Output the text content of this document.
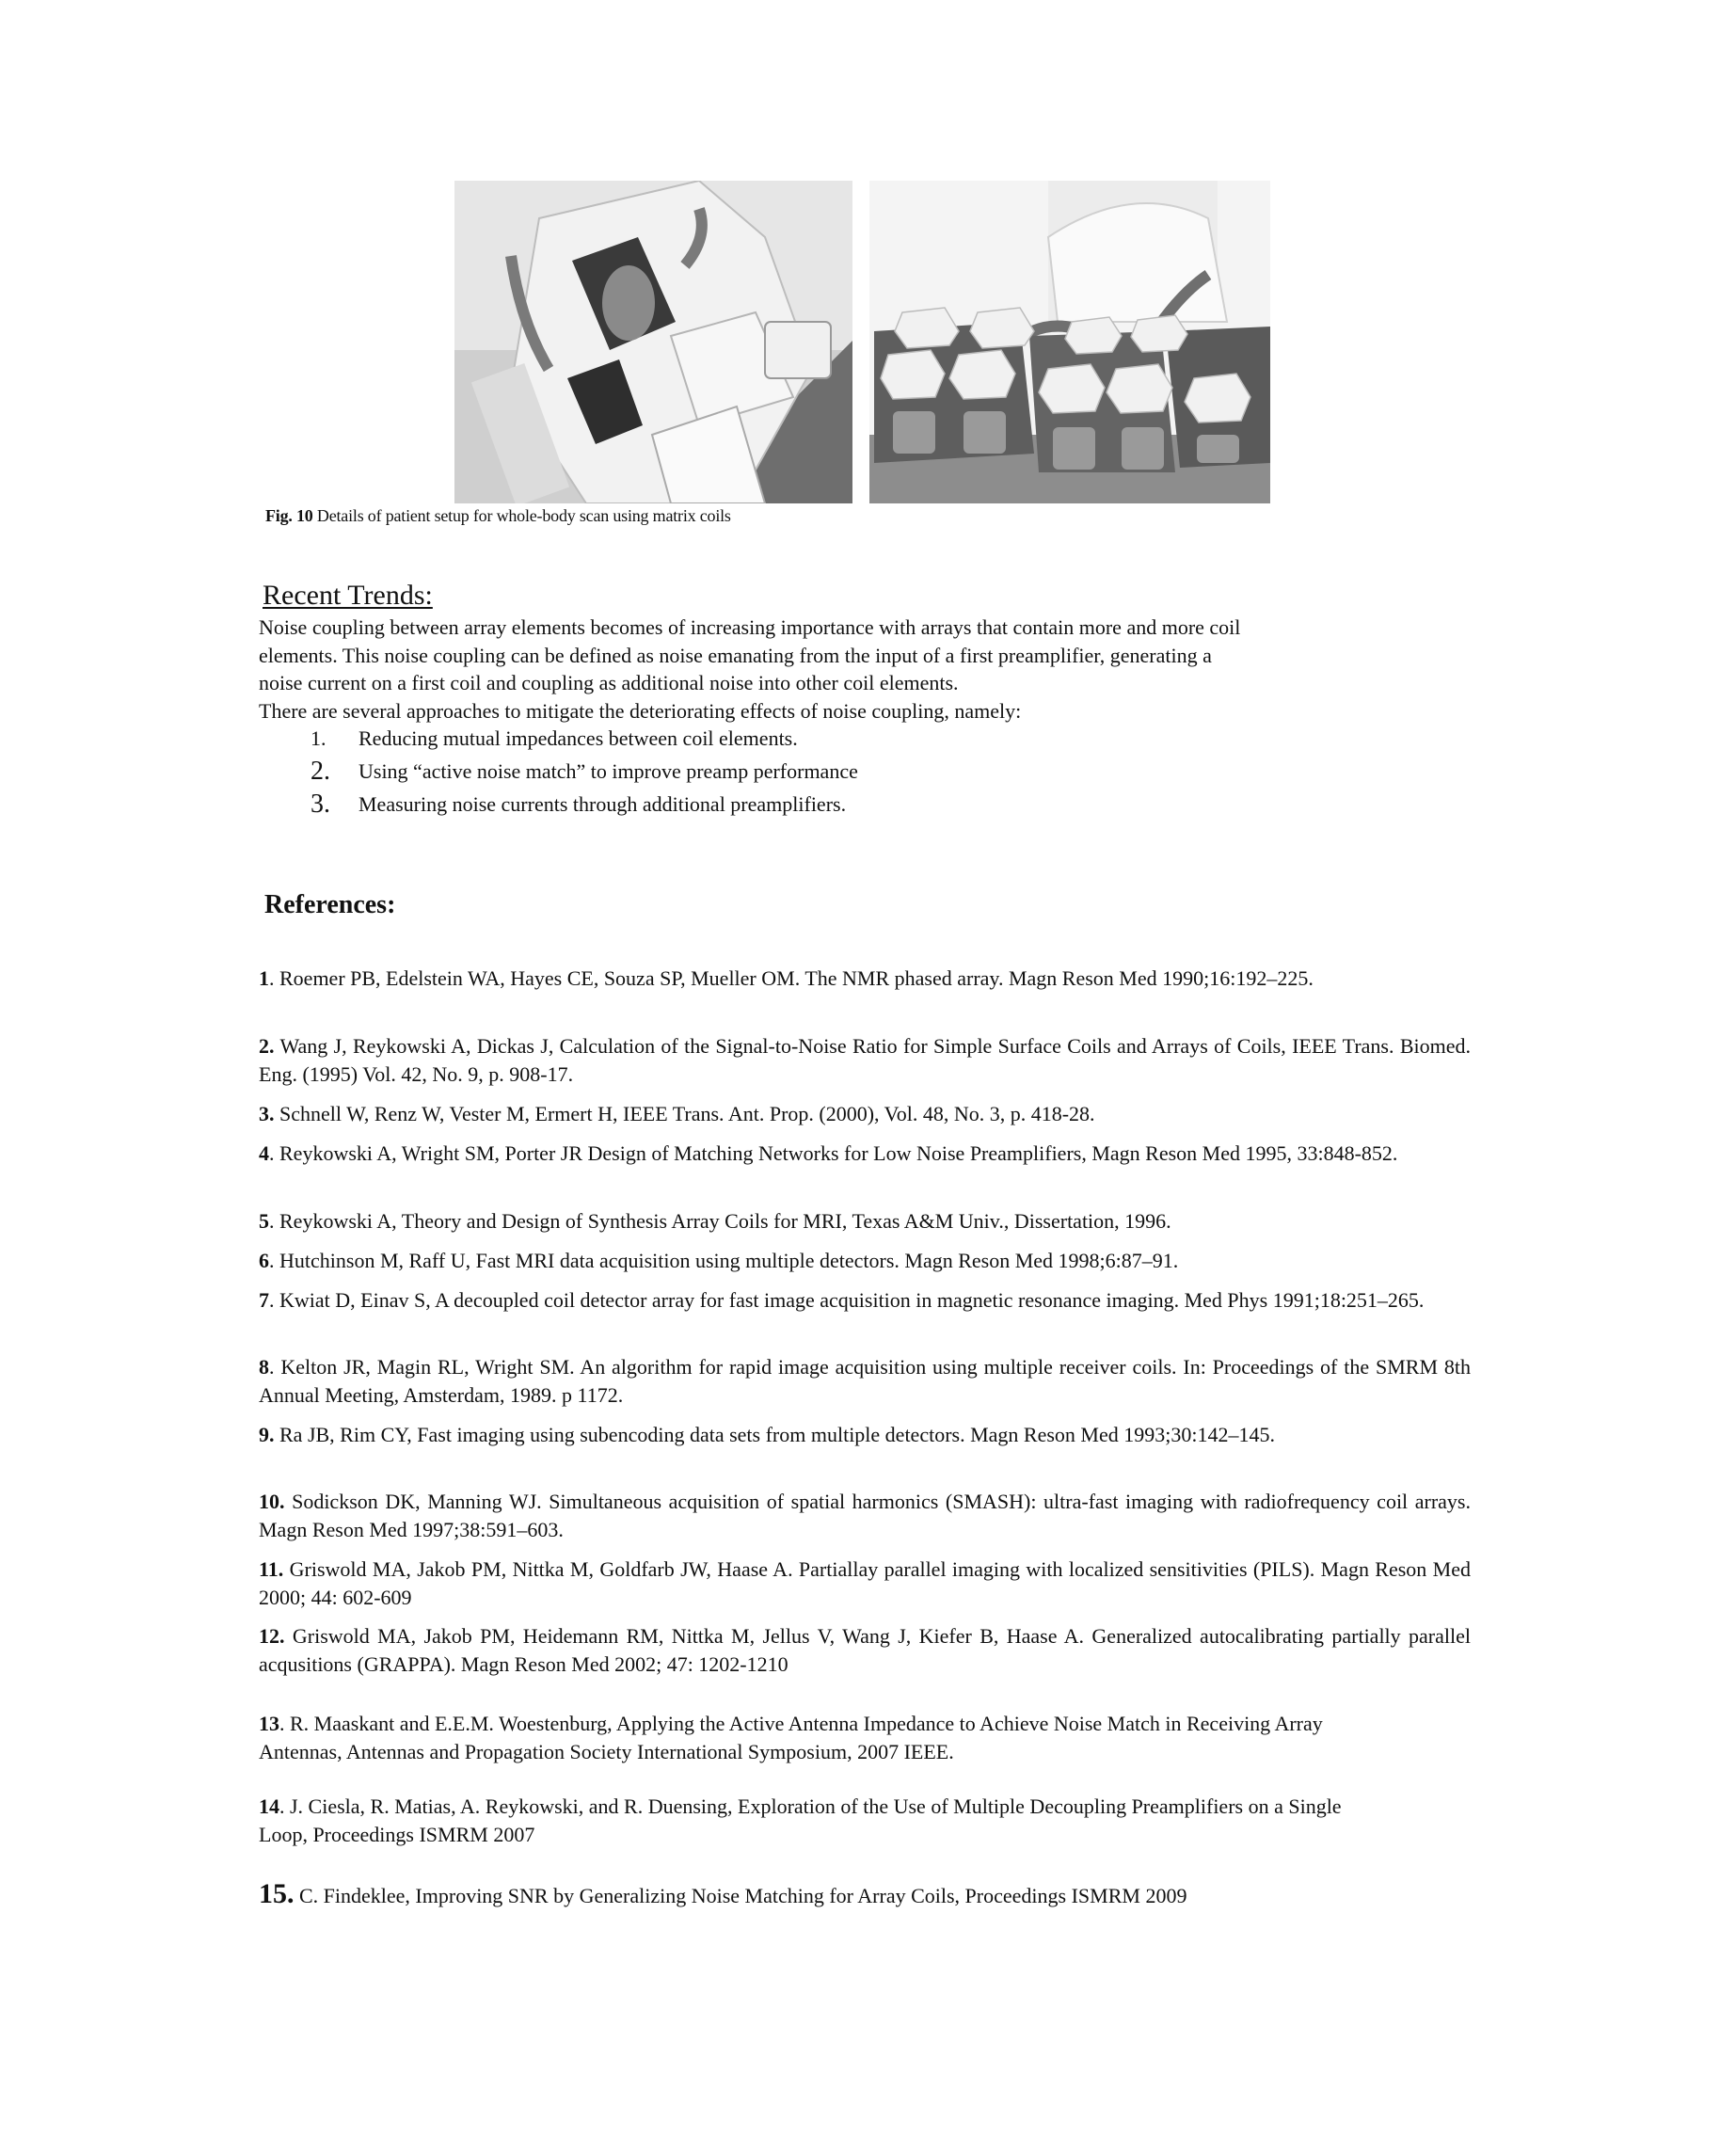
Fig. 10 Details of patient setup for whole-body scan using matrix coils
Recent Trends:

Noise coupling between array elements becomes of increasing importance with arrays that contain more and more coil

elements. This noise coupling can be defined as noise emanating from the input of a first preamplifier, generating a

noise current on a first coil and coupling as additional noise into other coil elements.

There are several approaches to mitigate the deteriorating effects of noise coupling, namely:

1. Reducing mutual impedances between coil elements.
2. Using “active noise match” to improve preamp performance
3. Measuring noise currents through additional preamplifiers.
References:
1. Roemer PB, Edelstein WA, Hayes CE, Souza SP, Mueller OM. The NMR phased array. Magn Reson Med 1990;16:192–225.
2. Wang J, Reykowski A, Dickas J, Calculation of the Signal-to-Noise Ratio for Simple Surface Coils and Arrays of Coils, IEEE Trans. Biomed. Eng. (1995) Vol. 42, No. 9, p. 908-17.
3. Schnell W, Renz W, Vester M, Ermert H, IEEE Trans. Ant. Prop. (2000), Vol. 48, No. 3, p. 418-28.
4. Reykowski A, Wright SM, Porter JR Design of Matching Networks for Low Noise Preamplifiers, Magn Reson Med 1995, 33:848-852.
5. Reykowski A, Theory and Design of Synthesis Array Coils for MRI, Texas A&M Univ., Dissertation, 1996.
6. Hutchinson M, Raff U, Fast MRI data acquisition using multiple detectors. Magn Reson Med 1998;6:87–91.
7. Kwiat D, Einav S, A decoupled coil detector array for fast image acquisition in magnetic resonance imaging. Med Phys 1991;18:251–265.
8. Kelton JR, Magin RL, Wright SM. An algorithm for rapid image acquisition using multiple receiver coils. In: Proceedings of the SMRM 8th Annual Meeting, Amsterdam, 1989. p 1172.
9. Ra JB, Rim CY, Fast imaging using subencoding data sets from multiple detectors. Magn Reson Med 1993;30:142–145.
10. Sodickson DK, Manning WJ. Simultaneous acquisition of spatial harmonics (SMASH): ultra-fast imaging with radiofrequency coil arrays. Magn Reson Med 1997;38:591–603.
11. Griswold MA, Jakob PM, Nittka M, Goldfarb JW, Haase A. Partiallay parallel imaging with localized sensitivities (PILS). Magn Reson Med 2000; 44: 602-609
12. Griswold MA, Jakob PM, Heidemann RM, Nittka M, Jellus V, Wang J, Kiefer B, Haase A. Generalized autocalibrating partially parallel acqusitions (GRAPPA). Magn Reson Med 2002; 47: 1202-1210
13. R. Maaskant and E.E.M. Woestenburg, Applying the Active Antenna Impedance to Achieve Noise Match in Receiving Array Antennas, Antennas and Propagation Society International Symposium, 2007 IEEE.
14. J. Ciesla, R. Matias, A. Reykowski, and R. Duensing, Exploration of the Use of Multiple Decoupling Preamplifiers on a Single Loop, Proceedings ISMRM 2007
15. C. Findeklee, Improving SNR by Generalizing Noise Matching for Array Coils, Proceedings ISMRM 2009
